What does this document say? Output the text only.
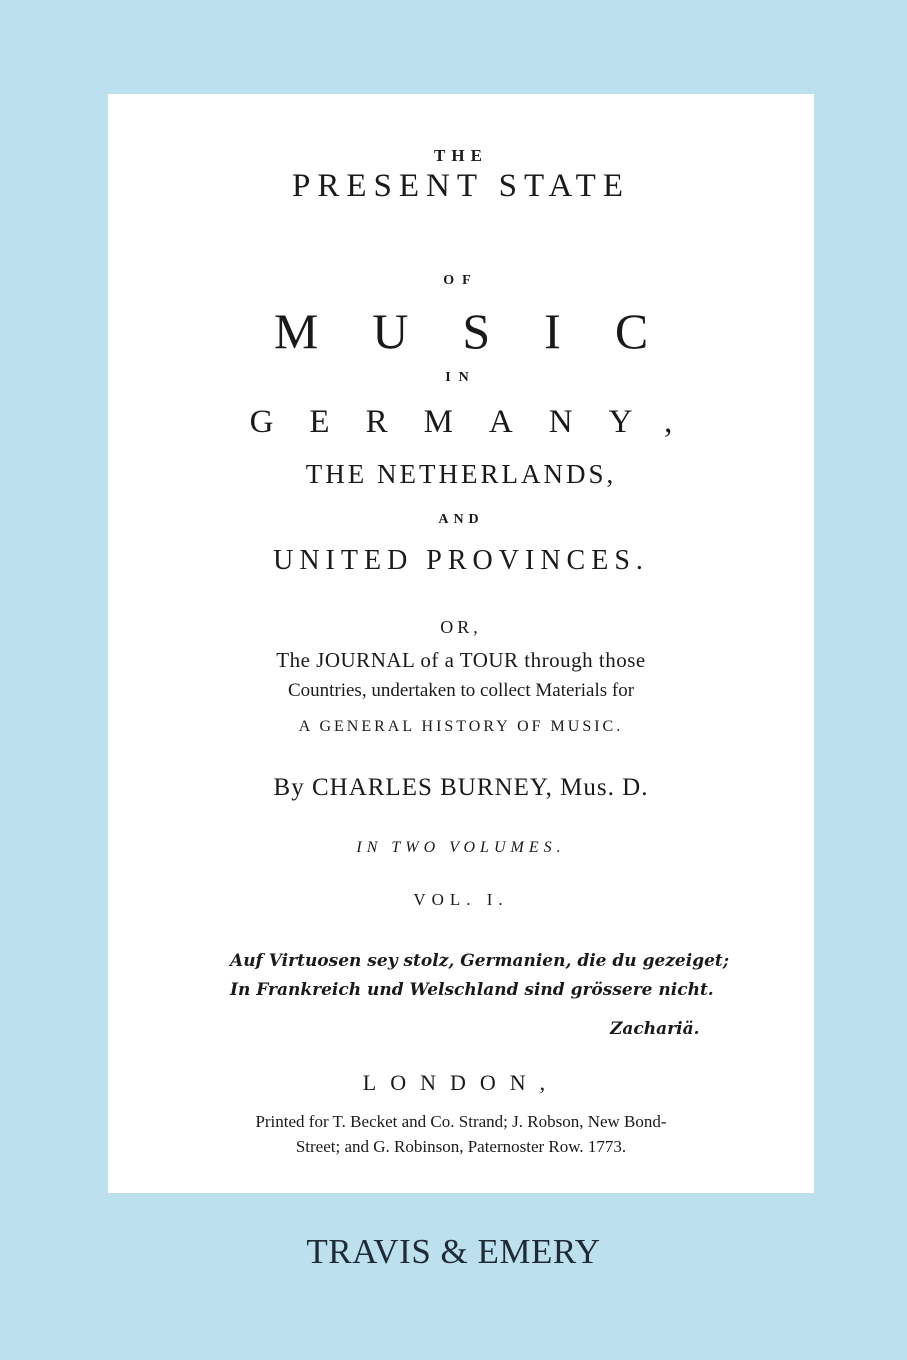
THE
PRESENT STATE
OF
MUSIC
IN
GERMANY,
THE NETHERLANDS,
AND
UNITED PROVINCES.
OR,
The JOURNAL of a TOUR through those
Countries, undertaken to collect Materials for
A GENERAL HISTORY OF MUSIC.
By CHARLES BURNEY, Mus. D.
IN TWO VOLUMES.
VOL. I.
Auf Virtuosen sey stolz, Germanien, die du gezeiget;
In Frankreich und Welschland sind grössere nicht.
Zachariä.
LONDON,
Printed for T. Becket and Co. Strand; J. Robson, New Bond-
Street; and G. Robinson, Paternoster Row. 1773.
TRAVIS & EMERY
